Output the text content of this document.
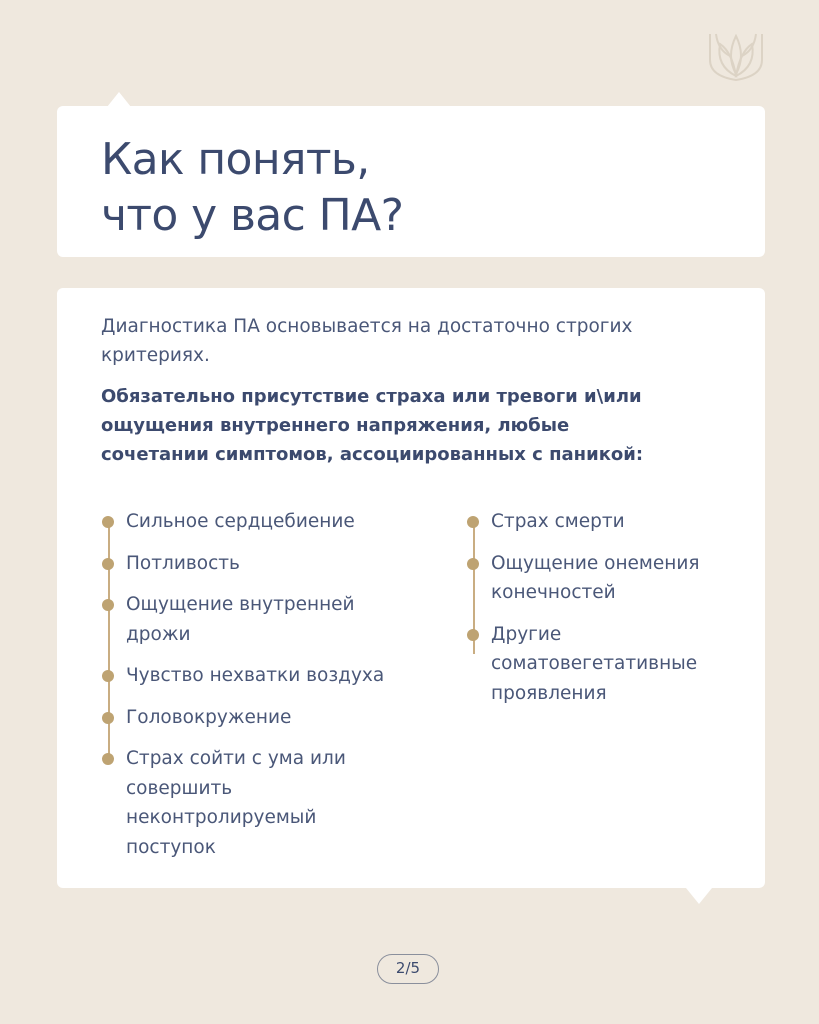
Как понять,
что у вас ПА?

Диагностика ПА основывается на достаточно строгих критериях.

Обязательно присутствие страха или тревоги и\или
ощущения внутреннего напряжения, любые
сочетании симптомов, ассоциированных с паникой:

Сильное сердцебиение
Потливость
Ощущение внутренней дрожи
Чувство нехватки воздуха
Головокружение
Страх сойти с ума или совершить неконтролируемый поступок
Страх смерти
Ощущение онемения конечностей
Другие соматовегетативные проявления
2/5
